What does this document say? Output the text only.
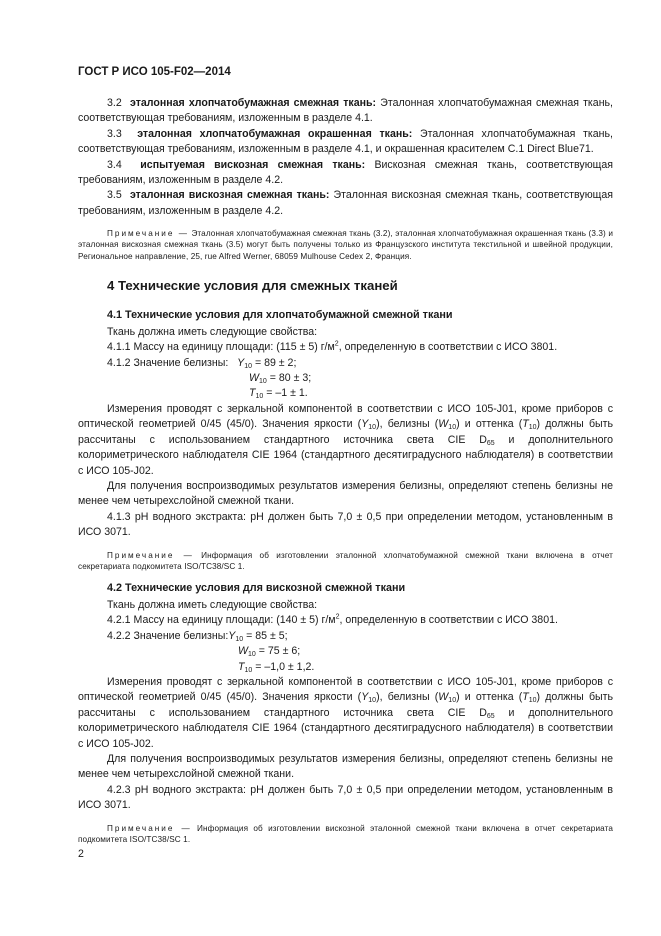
ГОСТ Р ИСО 105-F02—2014

3.2 эталонная хлопчатобумажная смежная ткань: Эталонная хлопчатобумажная смежная ткань, соответствующая требованиям, изложенным в разделе 4.1.

3.3 эталонная хлопчатобумажная окрашенная ткань: Эталонная хлопчатобумажная ткань, соответствующая требованиям, изложенным в разделе 4.1, и окрашенная красителем C.1 Direct Blue71.

3.4 испытуемая вискозная смежная ткань: Вискозная смежная ткань, соответствующая требованиям, изложенным в разделе 4.2.

3.5 эталонная вискозная смежная ткань: Эталонная вискозная смежная ткань, соответствующая требованиям, изложенным в разделе 4.2.

Примечание — Эталонная хлопчатобумажная смежная ткань (3.2), эталонная хлопчатобумажная окрашенная ткань (3.3) и эталонная вискозная смежная ткань (3.5) могут быть получены только из Французского института текстильной и швейной продукции, Региональное направление, 25, rue Alfred Werner, 68059 Mulhouse Cedex 2, Франция.

4 Технические условия для смежных тканей
4.1 Технические условия для хлопчатобумажной смежной ткани
Ткань должна иметь следующие свойства:
4.1.1 Массу на единицу площади: (115 ± 5) $г/м^2$, определенную в соответствии с ИСО 3801.
4.1.2 Значение белизны: $Y_{10} = 89 \pm 2$;
$W_{10} = 80 \pm 3$;
$T_{10} = -1 \pm 1$.

Измерения проводят с зеркальной компонентой в соответствии с ИСО 105-J01, кроме приборов с оптической геометрией 0/45 (45/0). Значения яркости $(Y_{10})$, белизны $(W_{10})$ и оттенка $(T_{10})$ должны быть рассчитаны с использованием стандартного источника света CIE $D_{65}$ и дополнительного колориметрического наблюдателя CIE 1964 (стандартного десятиградусного наблюдателя) в соответствии с ИСО 105-J02.

Для получения воспроизводимых результатов измерения белизны, определяют степень белизны не менее чем четырехслойной смежной ткани.

4.1.3 pH водного экстракта: pH должен быть 7,0 ± 0,5 при определении методом, установленным в ИСО 3071.

Примечание — Информация об изготовлении эталонной хлопчатобумажной смежной ткани включена в отчет секретариата подкомитета ISO/TC38/SC 1.

4.2 Технические условия для вискозной смежной ткани
Ткань должна иметь следующие свойства:
4.2.1 Массу на единицу площади: (140 ± 5) $г/м^2$, определенную в соответствии с ИСО 3801.
4.2.2 Значение $белизны:Y_{10} = 85 \pm 5$;
$W_{10} = 75 \pm 6$;
$T_{10} = -1,0 \pm 1,2$.

Измерения проводят с зеркальной компонентой в соответствии с ИСО 105-J01, кроме приборов с оптической геометрией 0/45 (45/0). Значения яркости $(Y_{10})$, белизны $(W_{10})$ и оттенка $(T_{10})$ должны быть рассчитаны с использованием стандартного источника света CIE $D_{65}$ и дополнительного колориметрического наблюдателя CIE 1964 (стандартного десятиградусного наблюдателя) в соответствии с ИСО 105-J02.

Для получения воспроизводимых результатов измерения белизны, определяют степень белизны не менее чем четырехслойной смежной ткани.

4.2.3 pH водного экстракта: pH должен быть 7,0 ± 0,5 при определении методом, установленным в ИСО 3071.

Примечание — Информация об изготовлении вискозной эталонной смежной ткани включена в отчет секретариата подкомитета ISO/TC38/SC 1.

2
